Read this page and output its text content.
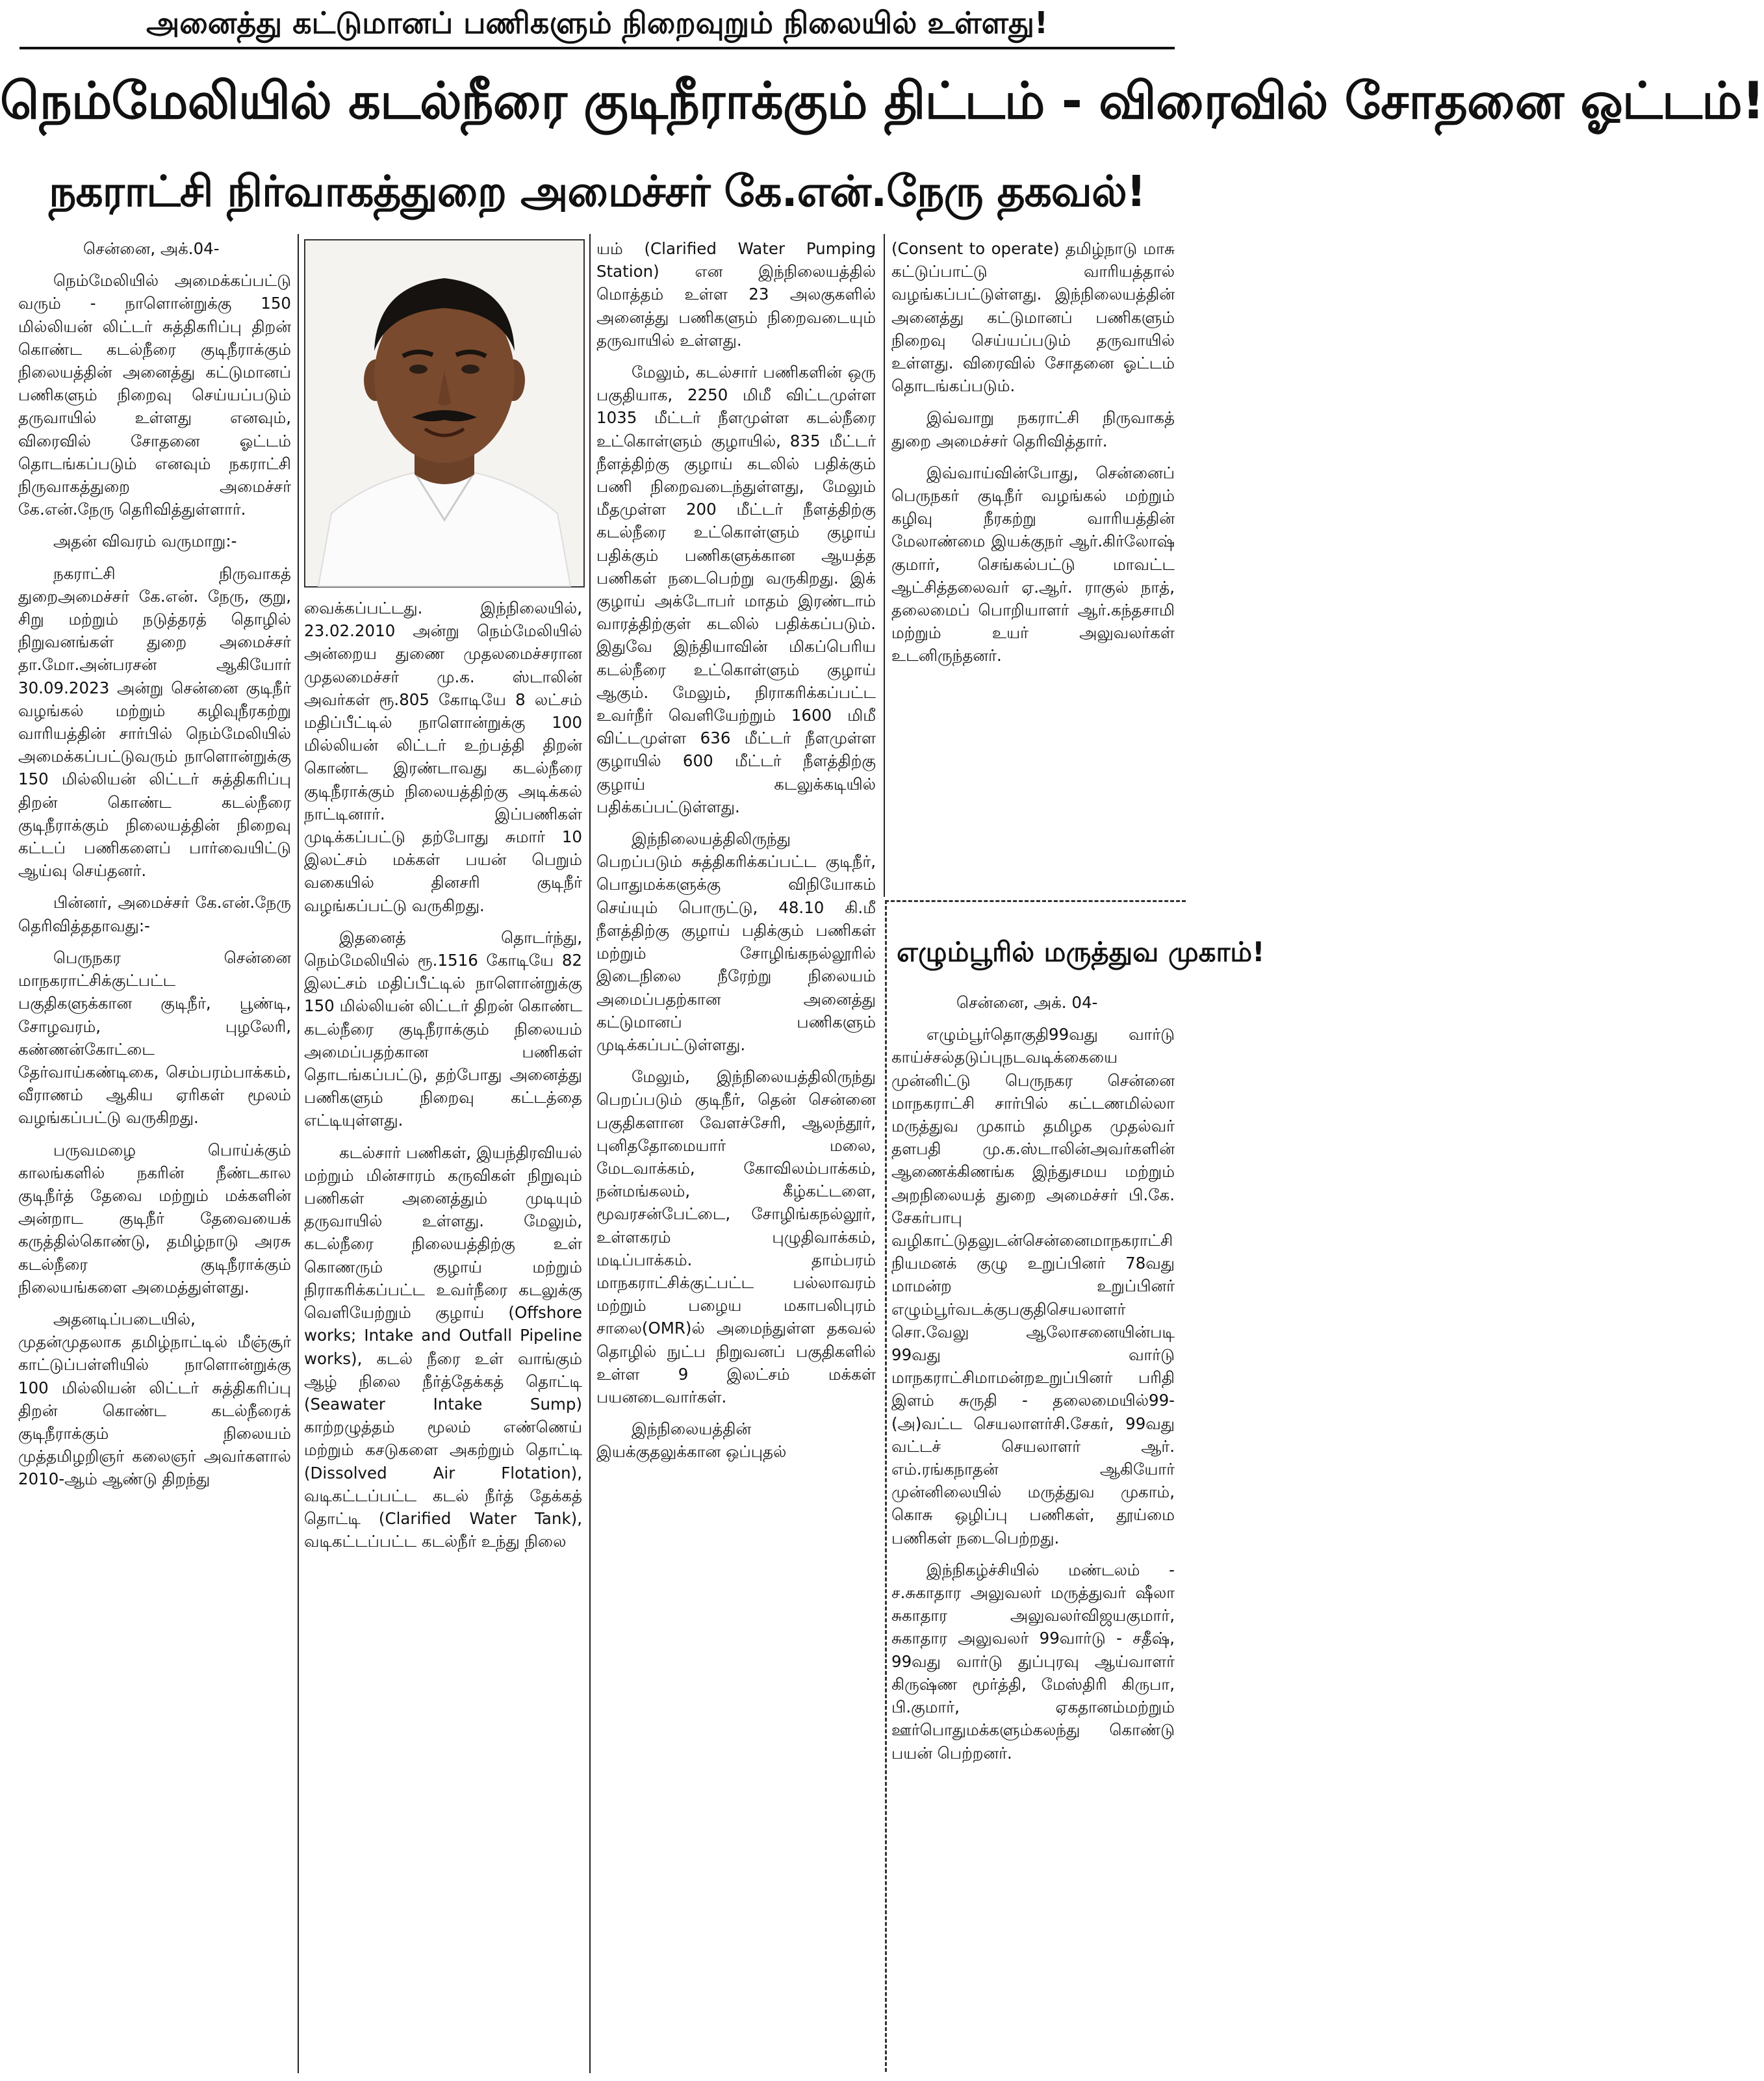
அனைத்து கட்டுமானப் பணிகளும் நிறைவுறும் நிலையில் உள்ளது!
நெம்மேலியில் கடல்நீரை குடிநீராக்கும் திட்டம் - விரைவில் சோதனை ஓட்டம்!
நகராட்சி நிர்வாகத்துறை அமைச்சர் கே.என்.நேரு தகவல்!

சென்னை, அக்.04-

நெம்மேலியில் அமைக்கப்பட்டு வரும் - நாளொன்றுக்கு 150 மில்லியன் லிட்டர் சுத்திகரிப்பு திறன் கொண்ட கடல்நீரை குடிநீராக்கும் நிலையத்தின் அனைத்து கட்டுமானப் பணிகளும் நிறைவு செய்யப்படும் தருவாயில் உள்ளது எனவும், விரைவில் சோதனை ஓட்டம் தொடங்கப்படும் எனவும் நகராட்சி நிருவாகத்துறை அமைச்சர் கே.என்.நேரு தெரிவித்துள்ளார்.

அதன் விவரம் வருமாறு:-

நகராட்சி நிருவாகத் துறைஅமைச்சர் கே.என். நேரு, குறு, சிறு மற்றும் நடுத்தரத் தொழில் நிறுவனங்கள் துறை அமைச்சர் தா.மோ.அன்பரசன் ஆகியோர் 30.09.2023 அன்று சென்னை குடிநீர் வழங்கல் மற்றும் கழிவுநீரகற்று வாரியத்தின் சார்பில் நெம்மேலியில் அமைக்கப்பட்டுவரும் நாளொன்றுக்கு 150 மில்லியன் லிட்டர் சுத்திகரிப்பு திறன் கொண்ட கடல்நீரை குடிநீராக்கும் நிலையத்தின் நிறைவு கட்டப் பணிகளைப் பார்வையிட்டு ஆய்வு செய்தனர்.

பின்னர், அமைச்சர் கே.என்.நேரு தெரிவித்ததாவது:-

பெருநகர சென்னை மாநகராட்சிக்குட்பட்ட பகுதிகளுக்கான குடிநீர், பூண்டி, சோழவரம், புழலேரி, கண்ணன்கோட்டை தேர்வாய்கண்டிகை, செம்பரம்பாக்கம், வீராணம் ஆகிய ஏரிகள் மூலம் வழங்கப்பட்டு வருகிறது.

பருவமழை பொய்க்கும் காலங்களில் நகரின் நீண்டகால குடிநீர்த் தேவை மற்றும் மக்களின் அன்றாட குடிநீர் தேவையைக் கருத்தில்கொண்டு, தமிழ்நாடு அரசு கடல்நீரை குடிநீராக்கும் நிலையங்களை அமைத்துள்ளது.

அதனடிப்படையில், முதன்முதலாக தமிழ்நாட்டில் மீஞ்சூர் காட்டுப்பள்ளியில் நாளொன்றுக்கு 100 மில்லியன் லிட்டர் சுத்திகரிப்பு திறன் கொண்ட கடல்நீரைக் குடிநீராக்கும் நிலையம் முத்தமிழறிஞர் கலைஞர் அவர்களால் 2010-ஆம் ஆண்டு திறந்து

வைக்கப்பட்டது. இந்நிலையில், 23.02.2010 அன்று நெம்மேலியில் அன்றைய துணை முதலமைச்சரான முதலமைச்சர் மு.க. ஸ்டாலின் அவர்கள் ரூ.805 கோடியே 8 லட்சம் மதிப்பீட்டில் நாளொன்றுக்கு 100 மில்லியன் லிட்டர் உற்பத்தி திறன் கொண்ட இரண்டாவது கடல்நீரை குடிநீராக்கும் நிலையத்திற்கு அடிக்கல் நாட்டினார். இப்பணிகள் முடிக்கப்பட்டு தற்போது சுமார் 10 இலட்சம் மக்கள் பயன் பெறும் வகையில் தினசரி குடிநீர் வழங்கப்பட்டு வருகிறது.

இதனைத் தொடர்ந்து, நெம்மேலியில் ரூ.1516 கோடியே 82 இலட்சம் மதிப்பீட்டில் நாளொன்றுக்கு 150 மில்லியன் லிட்டர் திறன் கொண்ட கடல்நீரை குடிநீராக்கும் நிலையம் அமைப்பதற்கான பணிகள் தொடங்கப்பட்டு, தற்போது அனைத்து பணிகளும் நிறைவு கட்டத்தை எட்டியுள்ளது.

கடல்சார் பணிகள், இயந்திரவியல் மற்றும் மின்சாரம் கருவிகள் நிறுவும் பணிகள் அனைத்தும் முடியும் தருவாயில் உள்ளது. மேலும், கடல்நீரை நிலையத்திற்கு உள் கொணரும் குழாய் மற்றும் நிராகரிக்கப்பட்ட உவர்நீரை கடலுக்கு வெளியேற்றும் குழாய் (Offshore works; Intake and Outfall Pipeline works), கடல் நீரை உள் வாங்கும் ஆழ் நிலை நீர்த்தேக்கத் தொட்டி (Seawater Intake Sump) காற்றழுத்தம் மூலம் எண்ணெய் மற்றும் கசடுகளை அகற்றும் தொட்டி (Dissolved Air Flotation), வடிகட்டப்பட்ட கடல் நீர்த் தேக்கத் தொட்டி (Clarified Water Tank), வடிகட்டப்பட்ட கடல்நீர் உந்து நிலை

யம் (Clarified Water Pumping Station) என இந்நிலையத்தில் மொத்தம் உள்ள 23 அலகுகளில் அனைத்து பணிகளும் நிறைவடையும் தருவாயில் உள்ளது.

மேலும், கடல்சார் பணிகளின் ஒரு பகுதியாக, 2250 மிமீ விட்டமுள்ள 1035 மீட்டர் நீளமுள்ள கடல்நீரை உட்கொள்ளும் குழாயில், 835 மீட்டர் நீளத்திற்கு குழாய் கடலில் பதிக்கும் பணி நிறைவடைந்துள்ளது, மேலும் மீதமுள்ள 200 மீட்டர் நீளத்திற்கு கடல்நீரை உட்கொள்ளும் குழாய் பதிக்கும் பணிகளுக்கான ஆயத்த பணிகள் நடைபெற்று வருகிறது. இக் குழாய் அக்டோபர் மாதம் இரண்டாம் வாரத்திற்குள் கடலில் பதிக்கப்படும். இதுவே இந்தியாவின் மிகப்பெரிய கடல்நீரை உட்கொள்ளும் குழாய் ஆகும். மேலும், நிராகரிக்கப்பட்ட உவர்நீர் வெளியேற்றும் 1600 மிமீ விட்டமுள்ள 636 மீட்டர் நீளமுள்ள குழாயில் 600 மீட்டர் நீளத்திற்கு குழாய் கடலுக்கடியில் பதிக்கப்பட்டுள்ளது.

இந்நிலையத்திலிருந்து பெறப்படும் சுத்திகரிக்கப்பட்ட குடிநீர், பொதுமக்களுக்கு விநியோகம் செய்யும் பொருட்டு, 48.10 கி.மீ நீளத்திற்கு குழாய் பதிக்கும் பணிகள் மற்றும் சோழிங்கநல்லூரில் இடைநிலை நீரேற்று நிலையம் அமைப்பதற்கான அனைத்து கட்டுமானப் பணிகளும் முடிக்கப்பட்டுள்ளது.

மேலும், இந்நிலையத்திலிருந்து பெறப்படும் குடிநீர், தென் சென்னை பகுதிகளான வேளச்சேரி, ஆலந்தூர், புனிததோமையார் மலை, மேடவாக்கம், கோவிலம்பாக்கம், நன்மங்கலம், கீழ்கட்டளை, மூவரசன்பேட்டை, சோழிங்கநல்லூர், உள்ளகரம் புழுதிவாக்கம், மடிப்பாக்கம். தாம்பரம் மாநகராட்சிக்குட்பட்ட பல்லாவரம் மற்றும் பழைய மகாபலிபுரம் சாலை(OMR)ல் அமைந்துள்ள தகவல் தொழில் நுட்ப நிறுவனப் பகுதிகளில் உள்ள 9 இலட்சம் மக்கள் பயனடைவார்கள்.

இந்நிலையத்தின் இயக்குதலுக்கான ஒப்புதல்

(Consent to operate) தமிழ்நாடு மாசு கட்டுப்பாட்டு வாரியத்தால் வழங்கப்பட்டுள்ளது. இந்நிலையத்தின் அனைத்து கட்டுமானப் பணிகளும் நிறைவு செய்யப்படும் தருவாயில் உள்ளது. விரைவில் சோதனை ஓட்டம் தொடங்கப்படும்.

இவ்வாறு நகராட்சி நிருவாகத் துறை அமைச்சர் தெரிவித்தார்.

இவ்வாய்வின்போது, சென்னைப் பெருநகர் குடிநீர் வழங்கல் மற்றும் கழிவு நீரகற்று வாரியத்தின் மேலாண்மை இயக்குநர் ஆர்.கிர்லோஷ் குமார், செங்கல்பட்டு மாவட்ட ஆட்சித்தலைவர் ஏ.ஆர். ராகுல் நாத், தலைமைப் பொறியாளர் ஆர்.கந்தசாமி மற்றும் உயர் அலுவலர்கள் உடனிருந்தனர்.

எழும்பூரில் மருத்துவ முகாம்!

சென்னை, அக். 04-

எழும்பூர்தொகுதி99வது வார்டு காய்ச்சல்தடுப்புநடவடிக்கையை முன்னிட்டு பெருநகர சென்னை மாநகராட்சி சார்பில் கட்டணமில்லா மருத்துவ முகாம் தமிழக முதல்வர் தளபதி மு.க.ஸ்டாலின்அவர்களின் ஆணைக்கிணங்க இந்துசமய மற்றும் அறநிலையத் துறை அமைச்சர் பி.கே. சேகர்பாபு வழிகாட்டுதலுடன்சென்னைமாநகராட்சி நியமனக் குழு உறுப்பினர் 78வது மாமன்ற உறுப்பினர் எழும்பூர்வடக்குபகுதிசெயலாளர் சொ.வேலு ஆலோசனையின்படி 99வது வார்டு மாநகராட்சிமாமன்றஉறுப்பினர் பரிதி இளம் சுருதி - தலைமையில்99-(அ)வட்ட செயலாளர்சி.சேகர், 99வது வட்டச் செயலாளர் ஆர். எம்.ரங்கநாதன் ஆகியோர் முன்னிலையில் மருத்துவ முகாம், கொசு ஒழிப்பு பணிகள், தூய்மை பணிகள் நடைபெற்றது.

இந்நிகழ்ச்சியில் மண்டலம் - ச.சுகாதார அலுவலர் மருத்துவர் ஷீலா சுகாதார அலுவலர்விஜயகுமார், சுகாதார அலுவலர் 99வார்டு - சதீஷ், 99வது வார்டு துப்புரவு ஆய்வாளர் கிருஷ்ண மூர்த்தி, மேஸ்திரி கிருபா, பி.குமார், ஏகதானம்மற்றும் ஊர்பொதுமக்களும்கலந்து கொண்டு பயன் பெற்றனர்.
